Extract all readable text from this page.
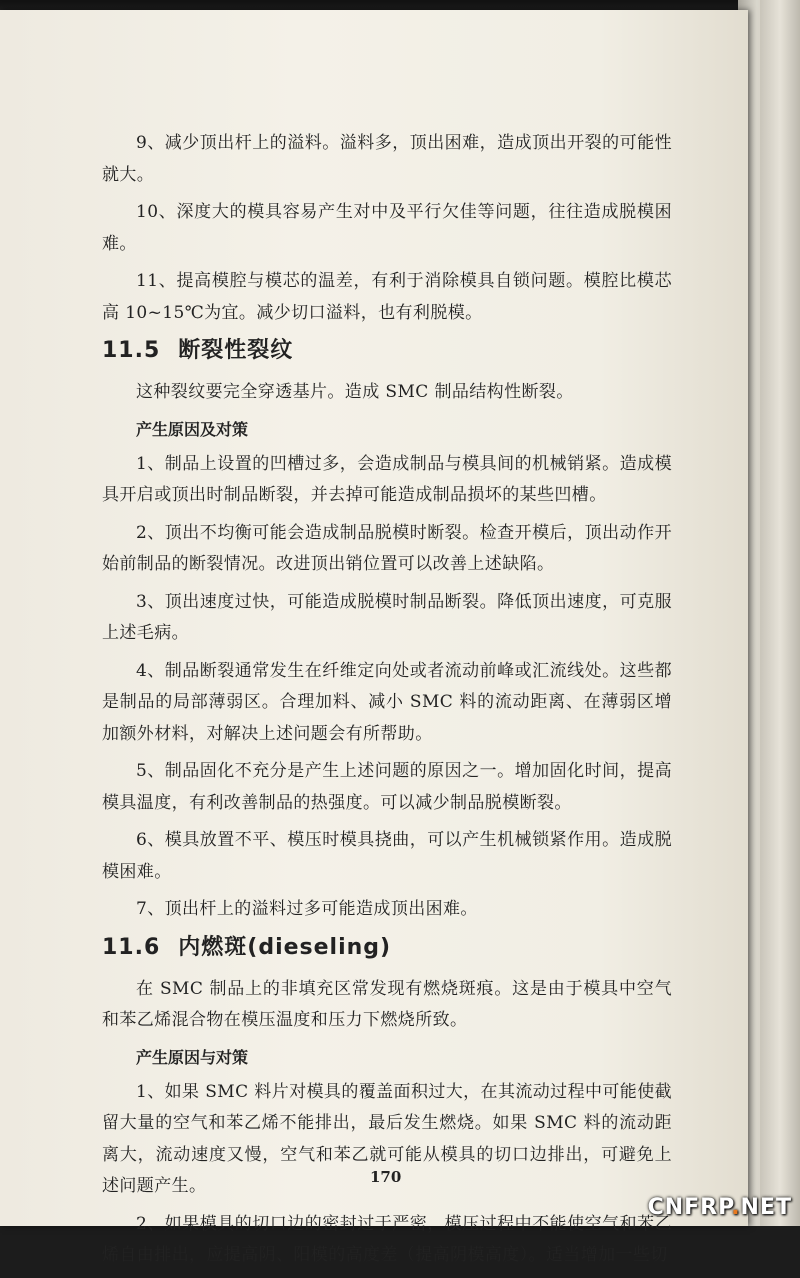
9、减少顶出杆上的溢料。溢料多，顶出困难，造成顶出开裂的可能性就大。

10、深度大的模具容易产生对中及平行欠佳等问题，往往造成脱模困难。

11、提高模腔与模芯的温差，有利于消除模具自锁问题。模腔比模芯高 10~15℃为宜。减少切口溢料，也有利脱模。

11.5 断裂性裂纹

这种裂纹要完全穿透基片。造成 SMC 制品结构性断裂。

产生原因及对策

1、制品上设置的凹槽过多，会造成制品与模具间的机械销紧。造成模具开启或顶出时制品断裂，并去掉可能造成制品损坏的某些凹槽。

2、顶出不均衡可能会造成制品脱模时断裂。检查开模后，顶出动作开始前制品的断裂情况。改进顶出销位置可以改善上述缺陷。

3、顶出速度过快，可能造成脱模时制品断裂。降低顶出速度，可克服上述毛病。

4、制品断裂通常发生在纤维定向处或者流动前峰或汇流线处。这些都是制品的局部薄弱区。合理加料、减小 SMC 料的流动距离、在薄弱区增加额外材料，对解决上述问题会有所帮助。

5、制品固化不充分是产生上述问题的原因之一。增加固化时间，提高模具温度，有利改善制品的热强度。可以减少制品脱模断裂。

6、模具放置不平、模压时模具挠曲，可以产生机械锁紧作用。造成脱模困难。

7、顶出杆上的溢料过多可能造成顶出困难。

11.6 内燃斑(dieseling)

在 SMC 制品上的非填充区常发现有燃烧斑痕。这是由于模具中空气和苯乙烯混合物在模压温度和压力下燃烧所致。

产生原因与对策

1、如果 SMC 料片对模具的覆盖面积过大，在其流动过程中可能使截留大量的空气和苯乙烯不能排出，最后发生燃烧。如果 SMC 料的流动距离大，流动速度又慢，空气和苯乙就可能从模具的切口边排出，可避免上述问题产生。

2、如果模具的切口边的密封过于严密，模压过程中不能使空气和苯乙烯自由排出，应提高阴、阳模的高度差（提高阴模高度）。适当增加一些切

170
CNFRP.NET
